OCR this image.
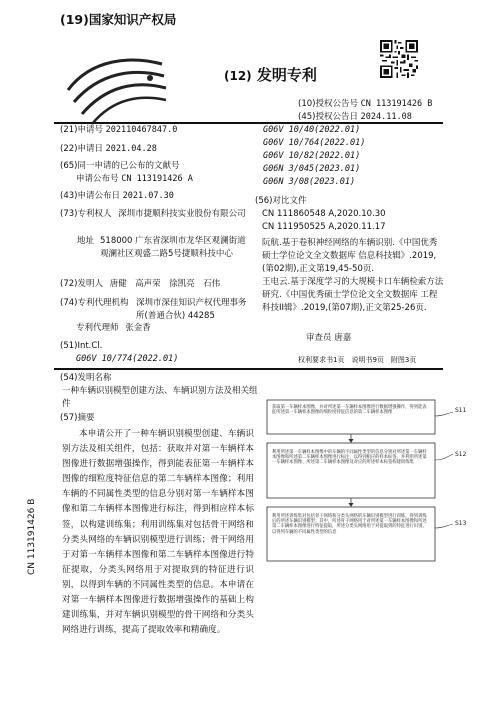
(19)国家知识产权局
(12) 发明专利
(10)授权公告号 CN 113191426 B
(45)授权公告日 2024.11.08
(21)申请号 202110467847.0
(22)申请日 2021.04.28
(65)同一申请的已公布的文献号
申请公布号 CN 113191426 A
(43)申请公布日 2021.07.30
(73)专利权人 深圳市捷顺科技实业股份有限公司
地址 518000 广东省深圳市龙华区观澜街道观澜社区观盛二路5号捷顺科技中心
(72)发明人 唐健　高声荣　徐凯亮　石伟
(74)专利代理机构 深圳市深佳知识产权代理事务所(普通合伙) 44285
专利代理师 张金香
(51)Int.Cl.
G06V 10/774(2022.01)
G06V 10/40(2022.01)
G06V 10/764(2022.01)
G06V 10/82(2022.01)
G06N 3/045(2023.01)
G06N 3/08(2023.01)
(56)对比文件
CN 111860548 A,2020.10.30
CN 111950525 A,2020.11.17
阮航.基于卷积神经网络的车辆识别.《中国优秀硕士学位论文全文数据库 信息科技辑》.2019,(第02期),正文第19,45-50页.
王电云.基于深度学习的大规模卡口车辆检索方法研究.《中国优秀硕士学位论文全文数据库 工程科技II辑》.2019,(第07期),正文第25-26页.
审查员 唐嘉
权利要求书1页　说明书9页　附图3页
(54)发明名称
一种车辆识别模型创建方法、车辆识别方法及相关组件
(57)摘要
本申请公开了一种车辆识别模型创建、车辆识别方法及相关组件，包括：获取并对第一车辆样本图像进行数据增强操作，得到能表征第一车辆样本图像的细粒度特征信息的第二车辆样本图像；利用车辆的不同属性类型的信息分别对第一车辆样本图像和第二车辆样本图像进行标注，得到相应样本标签，以构建训练集；利用训练集对包括骨干网络和分类头网络的车辆识别模型进行训练；骨干网络用于对第一车辆样本图像和第二车辆样本图像进行特征提取，分类头网络用于对提取到的特征进行识别，以得到车辆的不同属性类型的信息。本申请在对第一车辆样本图像进行数据增强操作的基础上构建训练集，并对车辆识别模型的骨干网络和分类头网络进行训练，提高了提取效率和精确度。
CN 113191426 B
获取第一车辆样本图像，并对所述第一车辆样本图像进行数据增强操作，得到能表征所述第一车辆样本图像的细粒度特征信息的第二车辆样本图像	S11
利用所述第一车辆样本图像中的车辆的不同属性类型的信息分别对所述第一车辆样本图像和所述第二车辆样本图像进行标注，以得到相应的样本标签，并利用所述第一车辆样本图像、所述第二车辆样本图像及对应的所述样本标签构建训练集
S12
利用所述训练集对包括骨干网络和分类头网络的车辆识别模型进行训练，得到训练后的所述车辆识别模型；其中，所述骨干网络用于对所述第一车辆样本图像和所述第二车辆样本图像进行特征提取，所述分类头网络用于对提取到的特征进行识别，以得到车辆的不同属性类型的信息
S13
